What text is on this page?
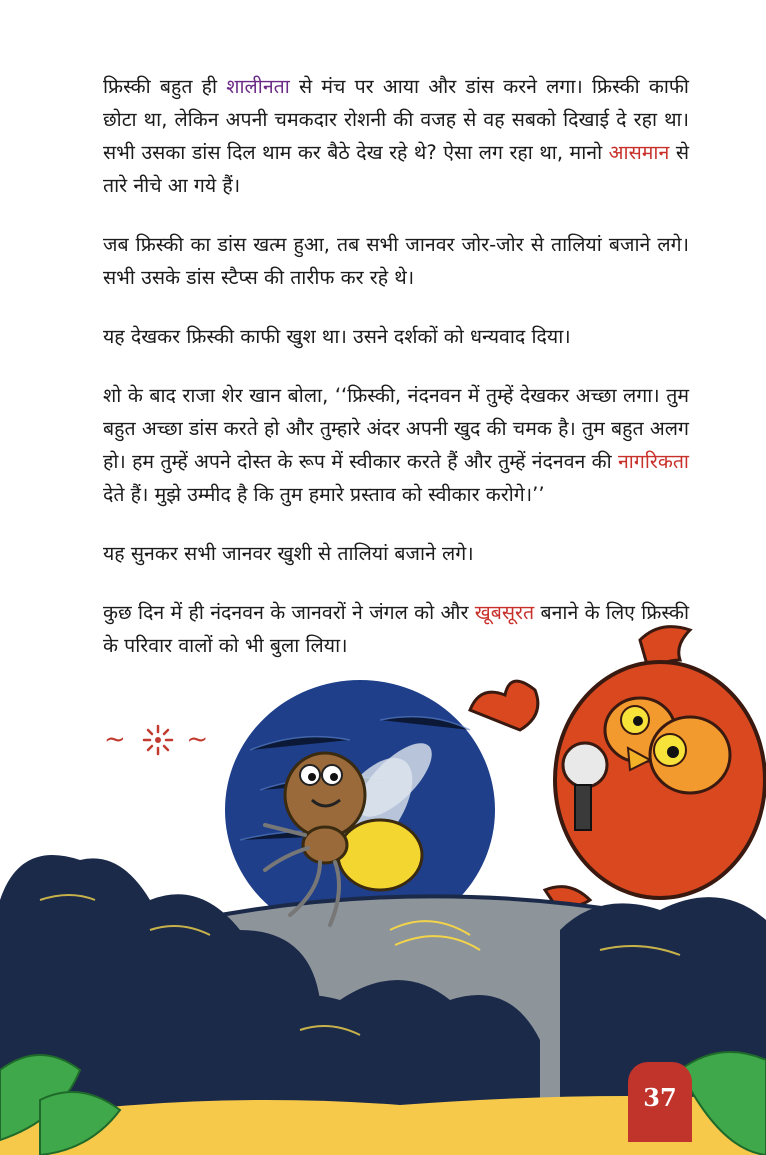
फ्रिस्की बहुत ही शालीनता से मंच पर आया और डांस करने लगा। फ्रिस्की काफी छोटा था, लेकिन अपनी चमकदार रोशनी की वजह से वह सबको दिखाई दे रहा था। सभी उसका डांस दिल थाम कर बैठे देख रहे थे? ऐसा लग रहा था, मानो आसमान से तारे नीचे आ गये हैं।

जब फ्रिस्की का डांस खत्म हुआ, तब सभी जानवर जोर-जोर से तालियां बजाने लगे। सभी उसके डांस स्टैप्स की तारीफ कर रहे थे।

यह देखकर फ्रिस्की काफी खुश था। उसने दर्शकों को धन्यवाद दिया।

शो के बाद राजा शेर खान बोला, ‘‘फ्रिस्की, नंदनवन में तुम्हें देखकर अच्छा लगा। तुम बहुत अच्छा डांस करते हो और तुम्हारे अंदर अपनी खुद की चमक है। तुम बहुत अलग हो। हम तुम्हें अपने दोस्त के रूप में स्वीकार करते हैं और तुम्हें नंदनवन की नागरिकता देते हैं। मुझे उम्मीद है कि तुम हमारे प्रस्ताव को स्वीकार करोगे।’’

यह सुनकर सभी जानवर खुशी से तालियां बजाने लगे।

कुछ दिन में ही नंदनवन के जानवरों ने जंगल को और खूबसूरत बनाने के लिए फ्रिस्की के परिवार वालों को भी बुला लिया।

~ ~
37
